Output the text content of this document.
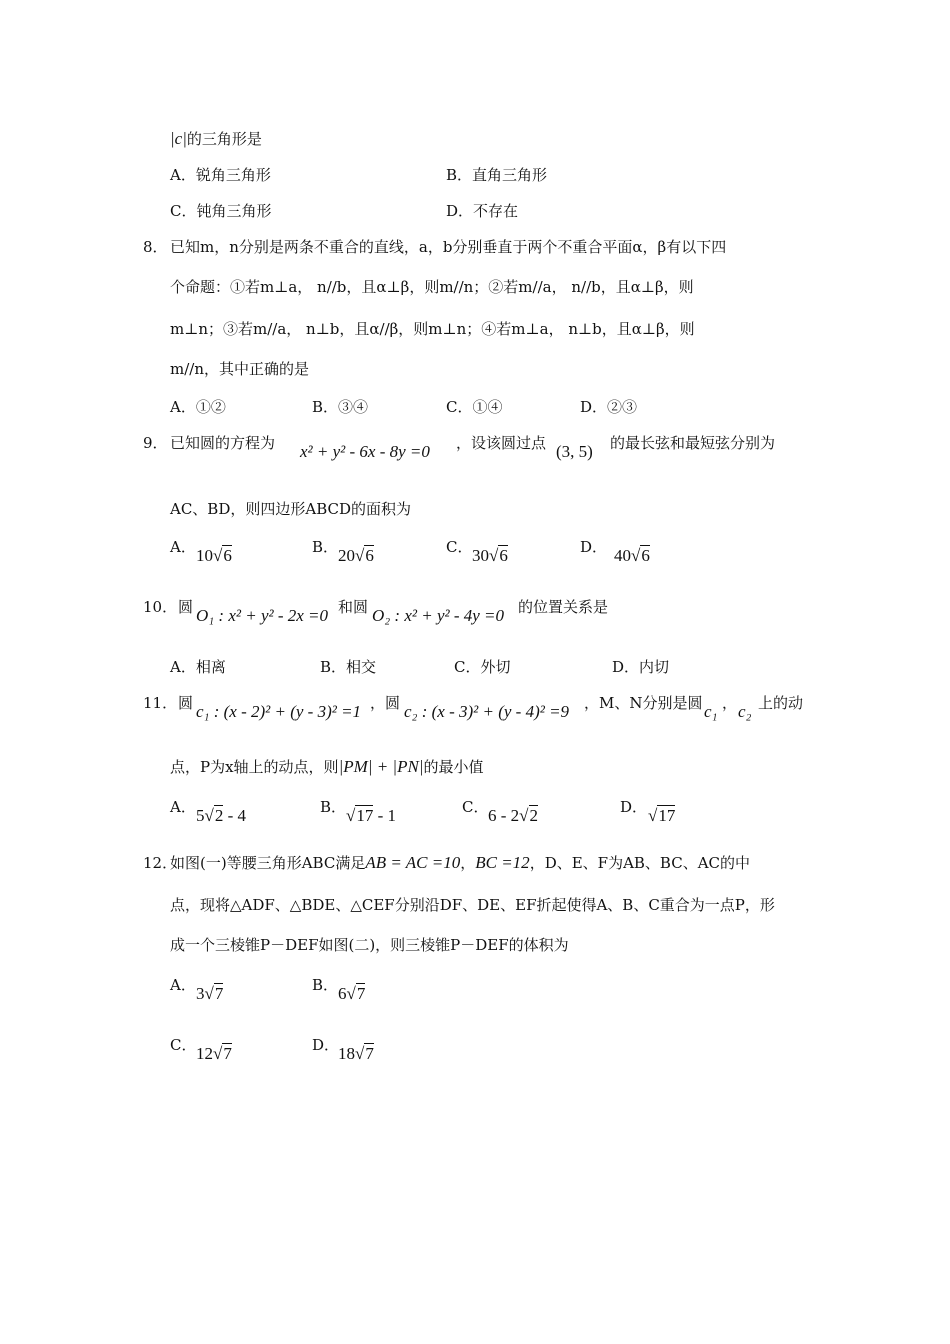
|c|的三角形是
A．锐角三角形	B．直角三角形
C．钝角三角形	D．不存在
8． 已知m，n分别是两条不重合的直线，a，b分别垂直于两个不重合平面α，β有以下四
个命题：①若m⊥a， n//b，且α⊥β，则m//n；②若m//a， n//b，且α⊥β，则
m⊥n；③若m//a， n⊥b，且α//β，则m⊥n；④若m⊥a， n⊥b，且α⊥β，则
m//n，其中正确的是
A．①②	B．③④	C．①④	D．②③
9． 已知圆的方程为 x² + y² - 6x - 8y =0 ，设该圆过点 (3, 5) 的最长弦和最短弦分别为
AC、BD，则四边形ABCD的面积为
A． 10√6	B． 20√6	C． 30√6	D． 40√6
10． 圆 O₁ : x² + y² - 2x =0 和圆 O₂ : x² + y² - 4y =0 的位置关系是
A．相离	B．相交	C．外切	D．内切
11． 圆 c₁ : (x - 2)² + (y - 3)² =1 ，圆 c₂ : (x - 3)² + (y - 4)² =9 ，M、N分别是圆 c₁ ， c₂ 上的动
点，P为x轴上的动点，则|PM| + |PN|的最小值
A． 5√2 - 4	B． √17 - 1	C． 6 - 2√2	D． √17
12．
如图(一)等腰三角形ABC满足AB = AC =10，BC =12，D、E、F为AB、BC、AC的中
点，现将△ADF、△BDE、△CEF分别沿DF、DE、EF折起使得A、B、C重合为一点P，形
成一个三棱锥P－DEF如图(二)，则三棱锥P－DEF的体积为
A． 3√7	B． 6√7
C． 12√7	D．
18√7
